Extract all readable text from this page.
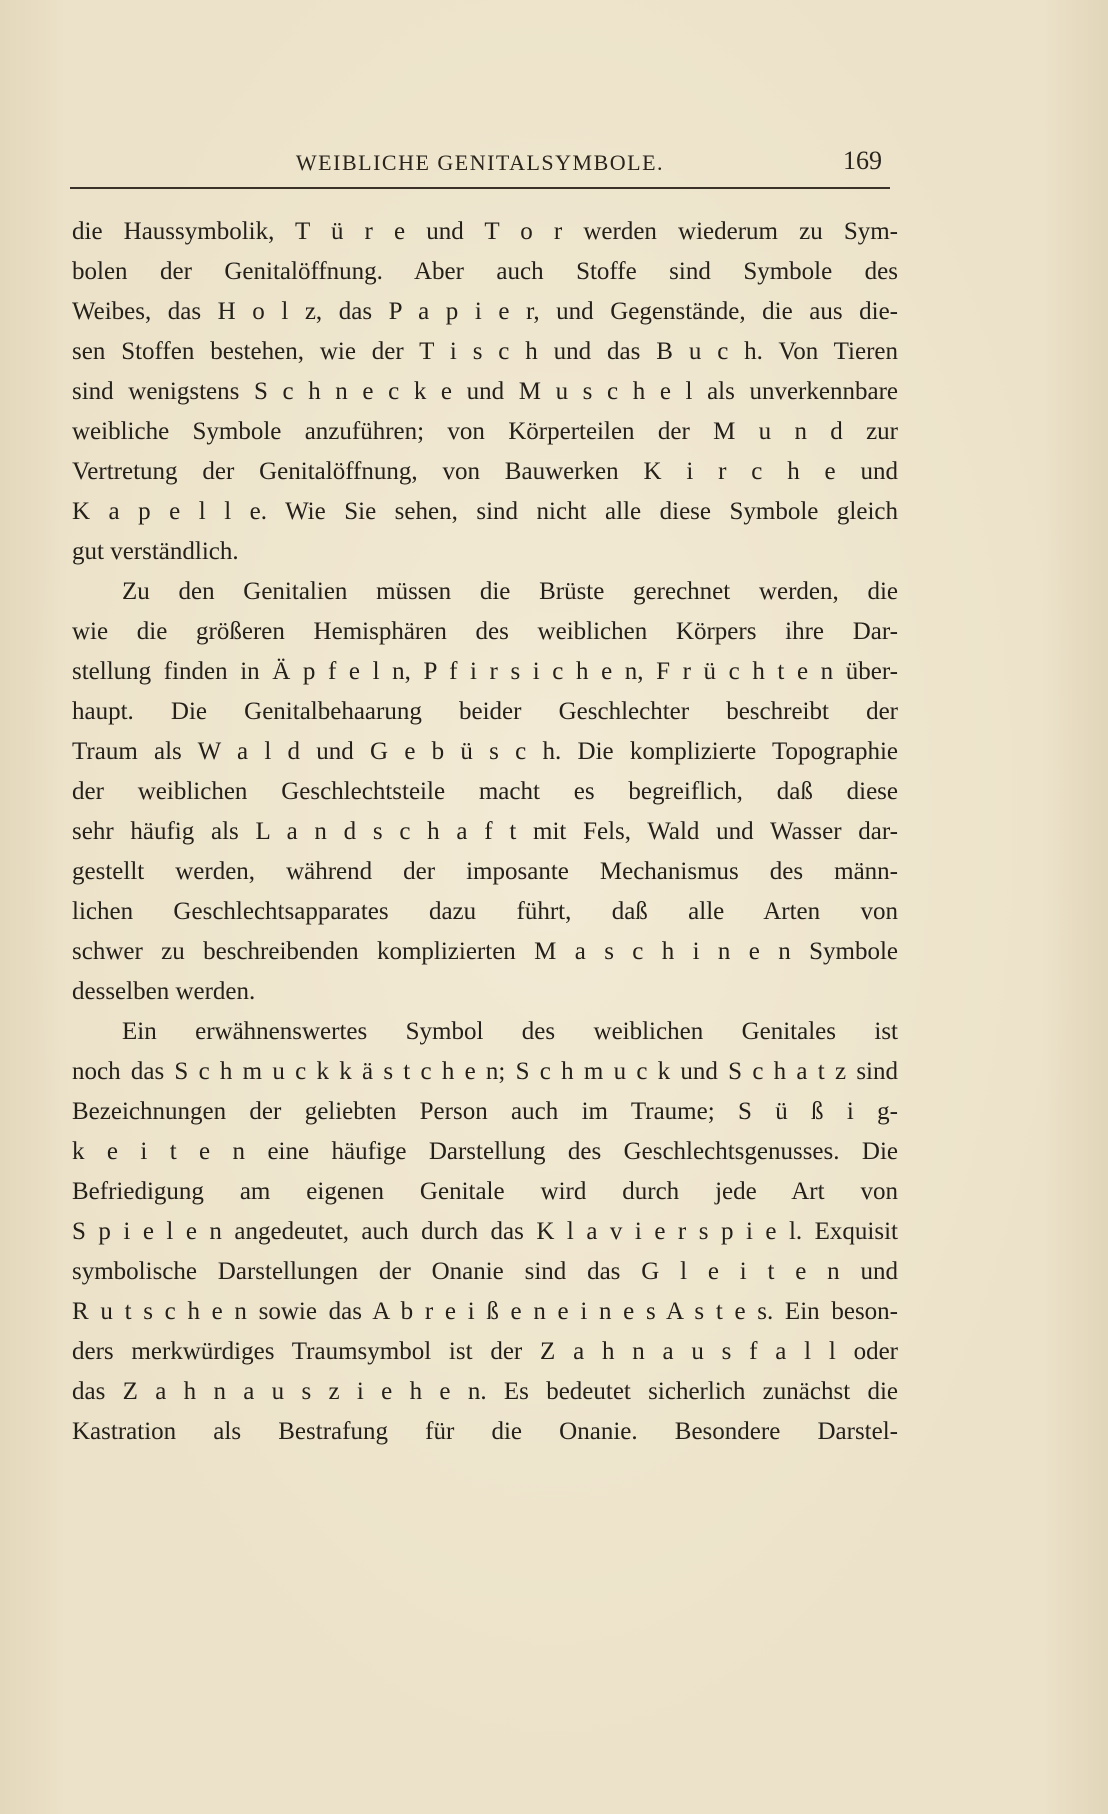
WEIBLICHE GENITALSYMBOLE.	169
die Haussymbolik, T ü r e und T o r werden wiederum zu Sym-
bolen der Genitalöffnung. Aber auch Stoffe sind Symbole des
Weibes, das H o l z, das P a p i e r, und Gegenstände, die aus die-
sen Stoffen bestehen, wie der T i s c h und das B u c h. Von Tieren
sind wenigstens S c h n e c k e und M u s c h e l als unverkennbare
weibliche Symbole anzuführen; von Körperteilen der M u n d zur
Vertretung der Genitalöffnung, von Bauwerken K i r c h e und
K a p e l l e. Wie Sie sehen, sind nicht alle diese Symbole gleich
gut verständlich.
Zu den Genitalien müssen die Brüste gerechnet werden, die
wie die größeren Hemisphären des weiblichen Körpers ihre Dar-
stellung finden in Ä p f e l n, P f i r s i c h e n, F r ü c h t e n über-
haupt. Die Genitalbehaarung beider Geschlechter beschreibt der
Traum als W a l d und G e b ü s c h. Die komplizierte Topographie
der weiblichen Geschlechtsteile macht es begreiflich, daß diese
sehr häufig als L a n d s c h a f t mit Fels, Wald und Wasser dar-
gestellt werden, während der imposante Mechanismus des männ-
lichen Geschlechtsapparates dazu führt, daß alle Arten von
schwer zu beschreibenden komplizierten M a s c h i n e n Symbole
desselben werden.
Ein erwähnenswertes Symbol des weiblichen Genitales ist
noch das S c h m u c k k ä s t c h e n; S c h m u c k und S c h a t z sind
Bezeichnungen der geliebten Person auch im Traume; S ü ß i g-
k e i t e n eine häufige Darstellung des Geschlechtsgenusses. Die
Befriedigung am eigenen Genitale wird durch jede Art von
S p i e l e n angedeutet, auch durch das K l a v i e r s p i e l. Exquisit
symbolische Darstellungen der Onanie sind das G l e i t e n und
R u t s c h e n sowie das A b r e i ß e n e i n e s A s t e s. Ein beson-
ders merkwürdiges Traumsymbol ist der Z a h n a u s f a l l oder
das Z a h n a u s z i e h e n. Es bedeutet sicherlich zunächst die
Kastration als Bestrafung für die Onanie. Besondere Darstel-
